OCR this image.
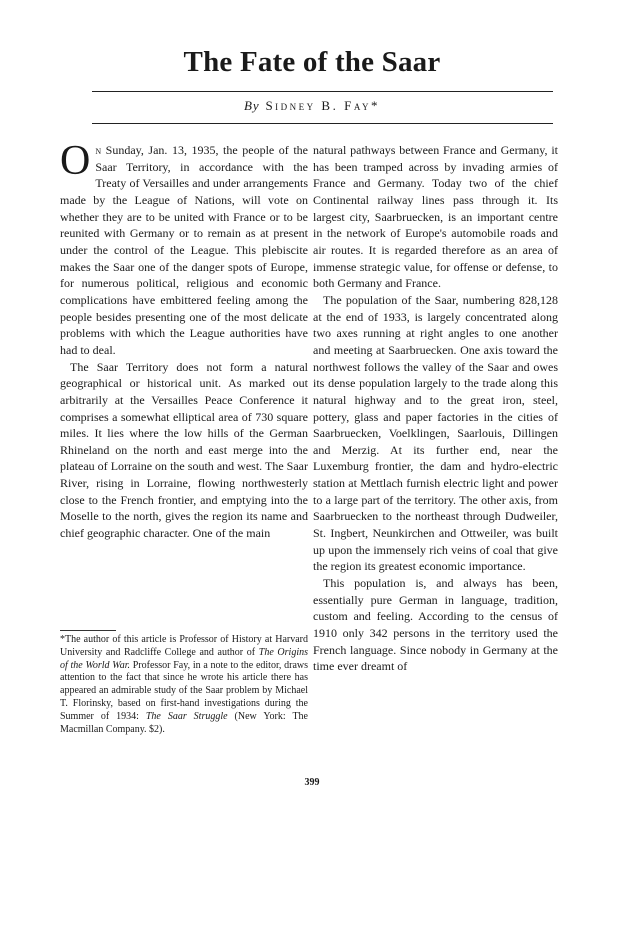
The Fate of the Saar
By Sidney B. Fay*

On Sunday, Jan. 13, 1935, the people of the Saar Territory, in accordance with the Treaty of Versailles and under arrangements made by the League of Nations, will vote on whether they are to be united with France or to be reunited with Germany or to remain as at present under the control of the League. This plebiscite makes the Saar one of the danger spots of Europe, for numerous political, religious and economic complications have embittered feeling among the people besides presenting one of the most delicate problems with which the League authorities have had to deal.

The Saar Territory does not form a natural geographical or historical unit. As marked out arbitrarily at the Versailles Peace Conference it comprises a somewhat elliptical area of 730 square miles. It lies where the low hills of the German Rhineland on the north and east merge into the plateau of Lorraine on the south and west. The Saar River, rising in Lorraine, flowing northwesterly close to the French frontier, and emptying into the Moselle to the north, gives the region its name and chief geographic character. One of the main

*The author of this article is Professor of History at Harvard University and Radcliffe College and author of The Origins of the World War. Professor Fay, in a note to the editor, draws attention to the fact that since he wrote his article there has appeared an admirable study of the Saar problem by Michael T. Florinsky, based on first-hand investigations during the Summer of 1934: The Saar Struggle (New York: The Macmillan Company. $2).

natural pathways between France and Germany, it has been tramped across by invading armies of France and Germany. Today two of the chief Continental railway lines pass through it. Its largest city, Saarbruecken, is an important centre in the network of Europe's automobile roads and air routes. It is regarded therefore as an area of immense strategic value, for offense or defense, to both Germany and France.

The population of the Saar, numbering 828,128 at the end of 1933, is largely concentrated along two axes running at right angles to one another and meeting at Saarbruecken. One axis toward the northwest follows the valley of the Saar and owes its dense population largely to the trade along this natural highway and to the great iron, steel, pottery, glass and paper factories in the cities of Saarbruecken, Voelklingen, Saarlouis, Dillingen and Merzig. At its further end, near the Luxemburg frontier, the dam and hydro-electric station at Mettlach furnish electric light and power to a large part of the territory. The other axis, from Saarbruecken to the northeast through Dudweiler, St. Ingbert, Neunkirchen and Ottweiler, was built up upon the immensely rich veins of coal that give the region its greatest economic importance.

This population is, and always has been, essentially pure German in language, tradition, custom and feeling. According to the census of 1910 only 342 persons in the territory used the French language. Since nobody in Germany at the time ever dreamt of

399
